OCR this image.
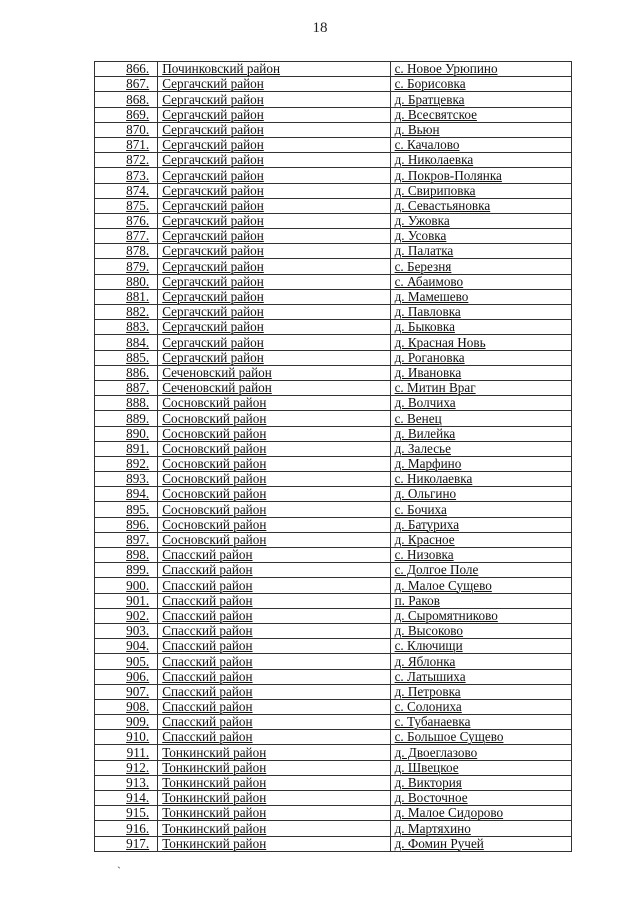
18
866.	Починковский район	с. Новое Урюпино
867.	Сергачский район	с. Борисовка
868.	Сергачский район	д. Братцевка
869.	Сергачский район	д. Всесвятское
870.	Сергачский район	д. Вьюн
871.	Сергачский район	с. Качалово
872.	Сергачский район	д. Николаевка
873.	Сергачский район	д. Покров-Полянка
874.	Сергачский район	д. Свириповка
875.	Сергачский район	д. Севастьяновка
876.	Сергачский район	д. Ужовка
877.	Сергачский район	д. Усовка
878.	Сергачский район	д. Палатка
879.	Сергачский район	с. Березня
880.	Сергачский район	с. Абаимово
881.	Сергачский район	д. Мамешево
882.	Сергачский район	д. Павловка
883.	Сергачский район	д. Быковка
884.	Сергачский район	д. Красная Новь
885.	Сергачский район	д. Рогановка
886.	Сеченовский район	д. Ивановка
887.	Сеченовский район	с. Митин Враг
888.	Сосновский район	д. Волчиха
889.	Сосновский район	с. Венец
890.	Сосновский район	д. Вилейка
891.	Сосновский район	д. Залесье
892.	Сосновский район	д. Марфино
893.	Сосновский район	с. Николаевка
894.	Сосновский район	д. Ольгино
895.	Сосновский район	с. Бочиха
896.	Сосновский район	д. Батуриха
897.	Сосновский район	д. Красное
898.	Спасский район	с. Низовка
899.	Спасский район	с. Долгое Поле
900.	Спасский район	д. Малое Сущево
901.	Спасский район	п. Раков
902.	Спасский район	д. Сыромятниково
903.	Спасский район	д. Высоково
904.	Спасский район	с. Ключищи
905.	Спасский район	д. Яблонка
906.	Спасский район	с. Латышиха
907.	Спасский район	д. Петровка
908.	Спасский район	с. Солониха
909.	Спасский район	с. Тубанаевка
910.	Спасский район	с. Большое Сущево
911.	Тонкинский район	д. Двоеглазово
912.	Тонкинский район	д. Швецкое
913.	Тонкинский район	д. Виктория
914.	Тонкинский район	д. Восточное
915.	Тонкинский район	д. Малое Сидорово
916.	Тонкинский район	д. Мартяхино
917.	Тонкинский район	д. Фомин Ручей
`
